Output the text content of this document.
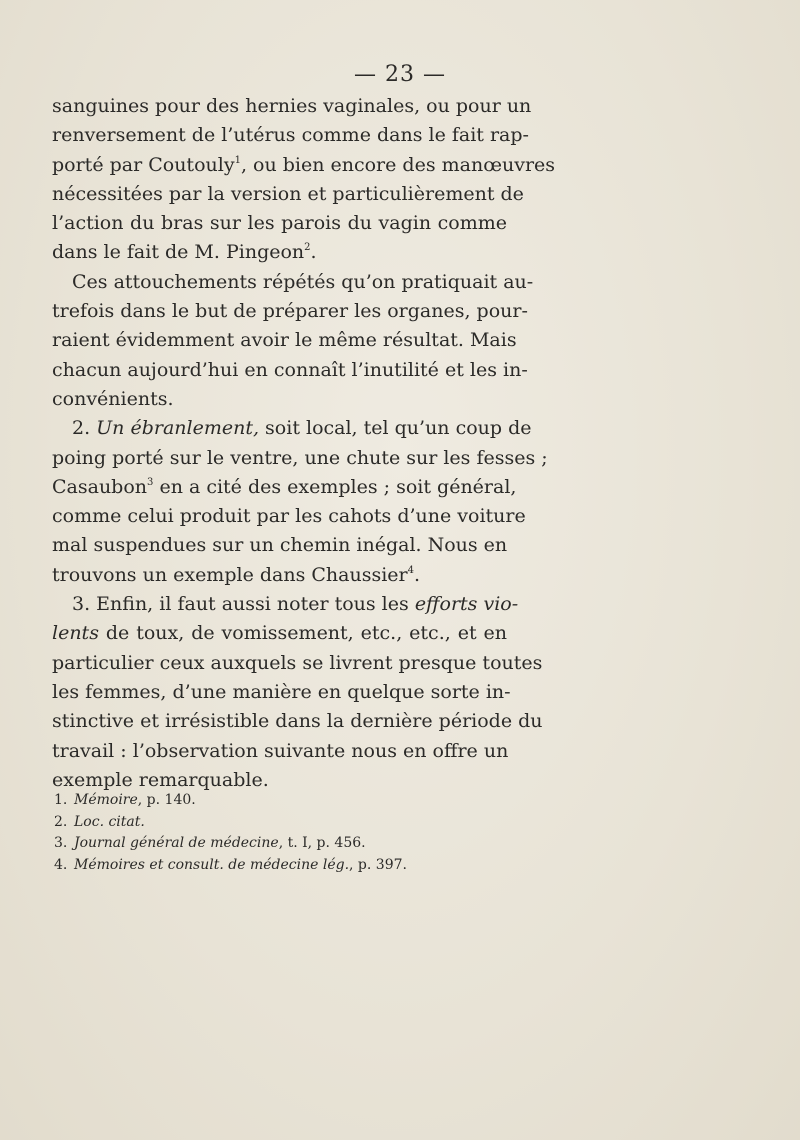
— 23 —
sanguines pour des hernies vaginales, ou pour un
renversement de l’utérus comme dans le fait rap-
porté par Coutouly$^1$, ou bien encore des manœuvres
nécessitées par la version et particulièrement de
l’action du bras sur les parois du vagin comme
dans le fait de M. Pingeon$^2$.
Ces attouchements répétés qu’on pratiquait au-
trefois dans le but de préparer les organes, pour-
raient évidemment avoir le même résultat. Mais
chacun aujourd’hui en connaît l’inutilité et les in-
convénients.
2. Un ébranlement, soit local, tel qu’un coup de
poing porté sur le ventre, une chute sur les fesses ;
Casaubon$^3$ en a cité des exemples ; soit général,
comme celui produit par les cahots d’une voiture
mal suspendues sur un chemin inégal. Nous en
trouvons un exemple dans Chaussier$^4$.
3. Enfin, il faut aussi noter tous les efforts vio-
lents de toux, de vomissement, etc., etc., et en
particulier ceux auxquels se livrent presque toutes
les femmes, d’une manière en quelque sorte in-
stinctive et irrésistible dans la dernière période du
travail : l’observation suivante nous en offre un
exemple remarquable.
1. Mémoire, p. 140.
2. Loc. citat.
3. Journal général de médecine, t. I, p. 456.
4. Mémoires et consult. de médecine lég., p. 397.
